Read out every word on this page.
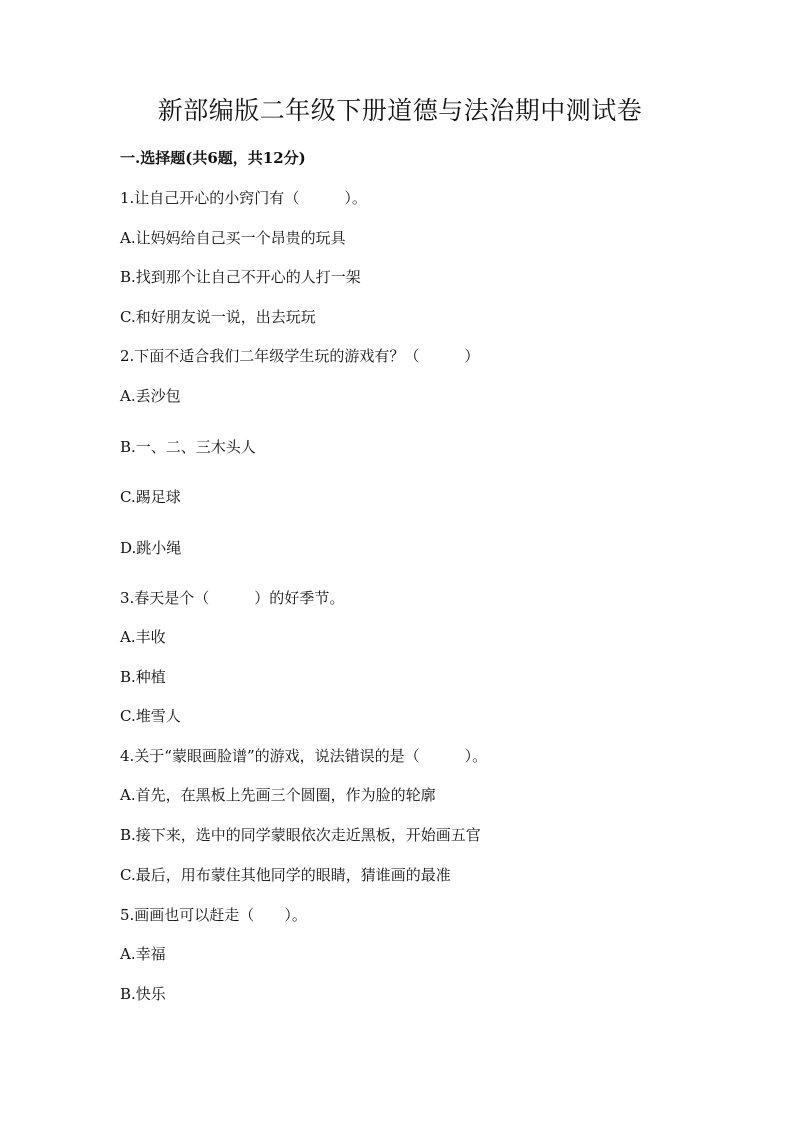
新部编版二年级下册道德与法治期中测试卷
一.选择题(共6题，共12分)
1.让自己开心的小窍门有（　　　）。
A.让妈妈给自己买一个昂贵的玩具
B.找到那个让自己不开心的人打一架
C.和好朋友说一说，出去玩玩
2.下面不适合我们二年级学生玩的游戏有？（　　　）
A.丢沙包
B.一、二、三木头人
C.踢足球
D.跳小绳
3.春天是个（　　　）的好季节。
A.丰收
B.种植
C.堆雪人
4.关于“蒙眼画脸谱”的游戏，说法错误的是（　　　）。
A.首先，在黑板上先画三个圆圈，作为脸的轮廓
B.接下来，选中的同学蒙眼依次走近黑板，开始画五官
C.最后，用布蒙住其他同学的眼睛，猜谁画的最准
5.画画也可以赶走（　　）。
A.幸福
B.快乐
